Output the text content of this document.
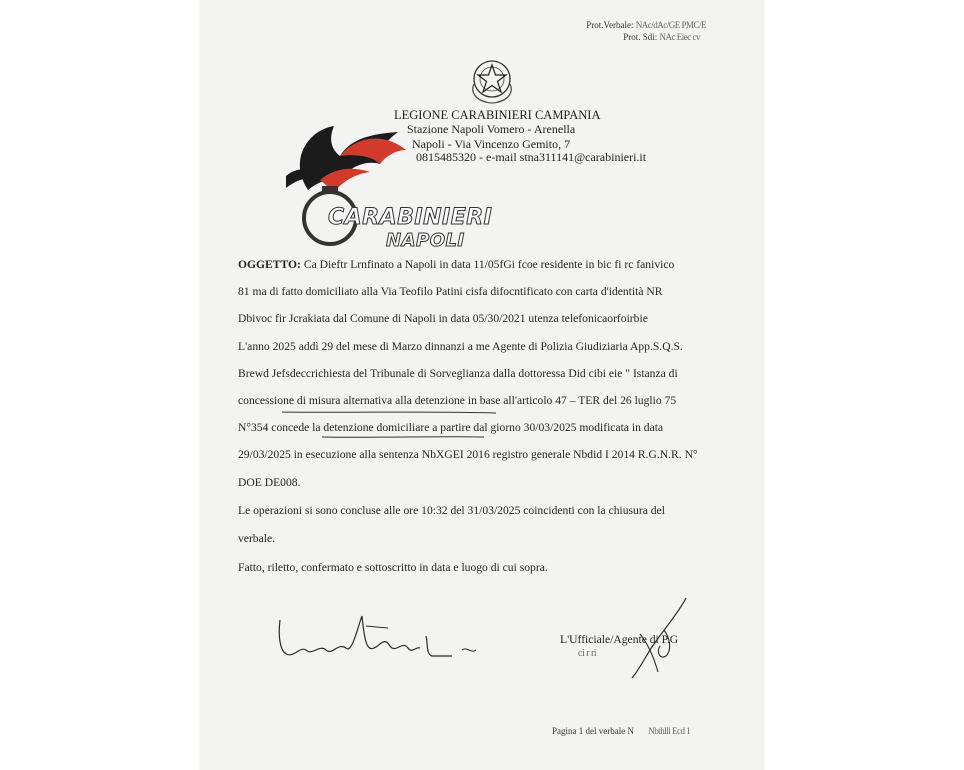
Prot.Verbale: NAc/dAc/GE PMC/E
Prot. Sdi: NAc Eiec cv
LEGIONE CARABINIERI CAMPANIA
Stazione Napoli Vomero - Arenella
Napoli - Via Vincenzo Gemito, 7
0815485320 - e-mail stna311141@carabinieri.it
CARABINIERI
NAPOLI
OGGETTO: Ca Dieftr Lrnfinato a Napoli in data 11/05fGi fcoe residente in bic fi rc fanivico
81 ma di fatto domiciliato alla Via Teofilo Patini cisfa difocntificato con carta d'identità NR
Dbivoc fir Jcrakiata dal Comune di Napoli in data 05/30/2021 utenza telefonicaorfoirbie
L'anno 2025 addì 29 del mese di Marzo dinnanzi a me Agente di Polizia Giudiziaria App.S.Q.S.
Brewd Jefsdeccrichiesta del Tribunale di Sorveglianza dalla dottoressa Did cibi eie " Istanza di
concessione di misura alternativa alla detenzione in base all'articolo 47 – TER del 26 luglio 75
N°354 concede la detenzione domiciliare a partire dal giorno 30/03/2025 modificata in data
29/03/2025 in esecuzione alla sentenza NbXGEI 2016 registro generale Nbdid I 2014 R.G.N.R. N°
DOE DE008.
Le operazioni si sono concluse alle ore 10:32 del 31/03/2025 coincidenti con la chiusura del
verbale.
Fatto, riletto, confermato e sottoscritto in data e luogo di cui sopra.
L'Ufficiale/Agente di P.G
ci r ri
Pagina 1 del verbale N Nbthlll Ecd 1
